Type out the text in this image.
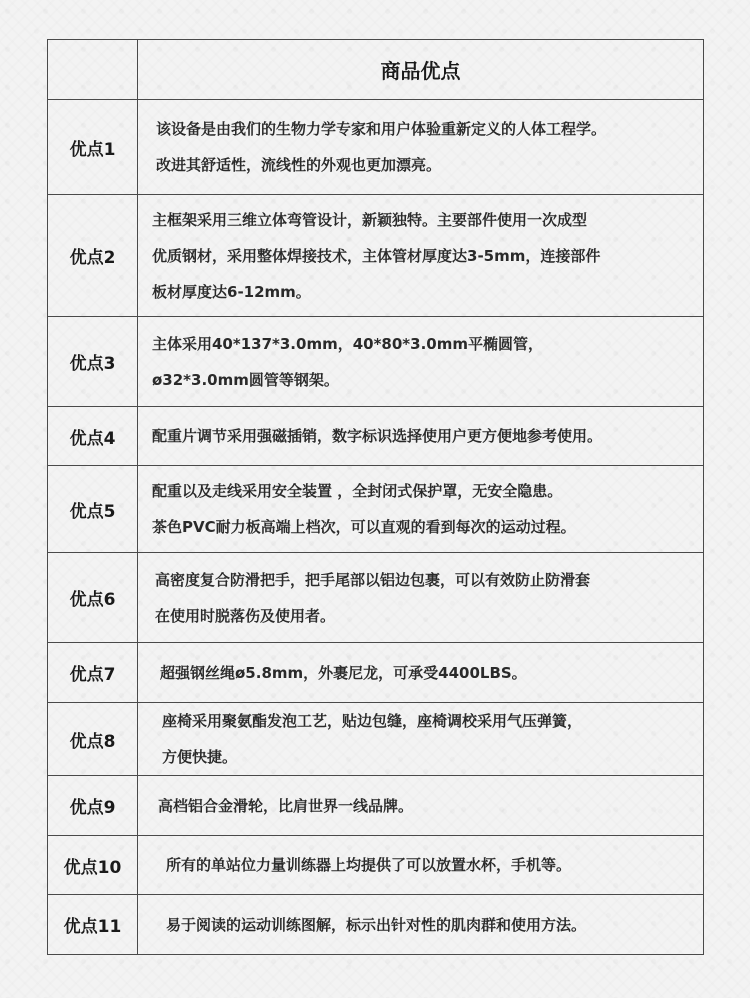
	商品优点
优点1	该设备是由我们的生物力学专家和用户体验重新定义的人体工程学。
改进其舒适性，流线性的外观也更加漂亮。

优点2	主框架采用三维立体弯管设计，新颖独特。主要部件使用一次成型
优质钢材，采用整体焊接技术，主体管材厚度达3-5mm，连接部件
板材厚度达6-12mm。

优点3	主体采用40*137*3.0mm，40*80*3.0mm平椭圆管，
ø32*3.0mm圆管等钢架。

优点4	配重片调节采用强磁插销，数字标识选择使用户更方便地参考使用。

优点5	配重以及走线采用安全装置 ，全封闭式保护罩，无安全隐患。
茶色PVC耐力板高端上档次，可以直观的看到每次的运动过程。

优点6	高密度复合防滑把手，把手尾部以铝边包裹，可以有效防止防滑套
在使用时脱落伤及使用者。

优点7	超强钢丝绳ø5.8mm，外裹尼龙，可承受4400LBS。

优点8	座椅采用聚氨酯发泡工艺，贴边包缝，座椅调校采用气压弹簧，
方便快捷。

优点9	高档铝合金滑轮，比肩世界一线品牌。

优点10	所有的单站位力量训练器上均提供了可以放置水杯，手机等。

优点11	易于阅读的运动训练图解，标示出针对性的肌肉群和使用方法。
